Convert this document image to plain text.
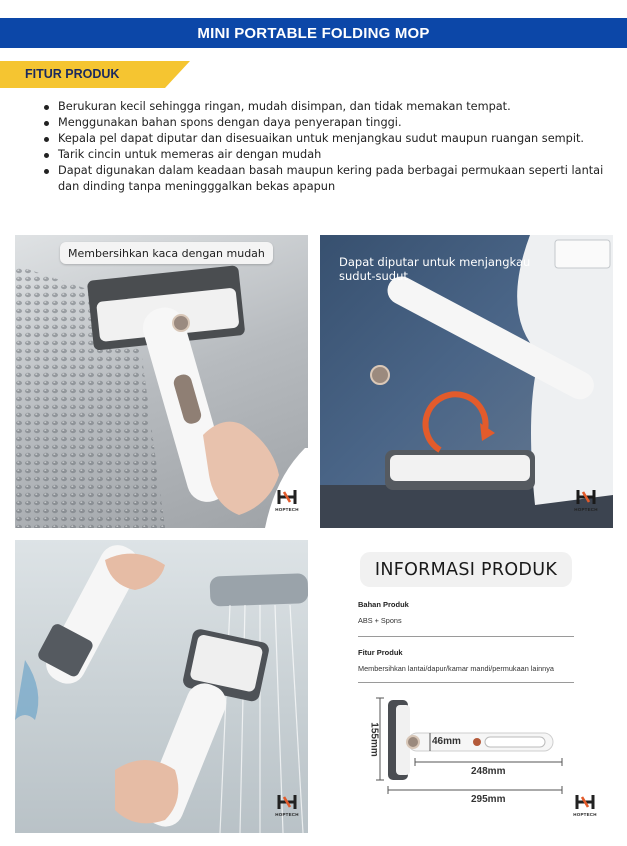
MINI PORTABLE FOLDING MOP
FITUR PRODUK
Berukuran kecil sehingga ringan, mudah disimpan, dan tidak memakan tempat.
Menggunakan bahan spons dengan daya penyerapan tinggi.
Kepala pel dapat diputar dan disesuaikan untuk menjangkau sudut maupun ruangan sempit.
Tarik cincin untuk memeras air dengan mudah
Dapat digunakan dalam keadaan basah maupun kering pada berbagai permukaan seperti lantai dan dinding tanpa meningggalkan bekas apapun
Membersihkan kaca dengan mudah
HOPTECH
Dapat diputar untuk menjangkau sudut-sudut
HOPTECH
HOPTECH
INFORMASI PRODUK
Bahan Produk
ABS + Spons
Fitur Produk
Membersihkan lantai/dapur/kamar mandi/permukaan lainnya
155mm	46mm
248mm
295mm
HOPTECH
